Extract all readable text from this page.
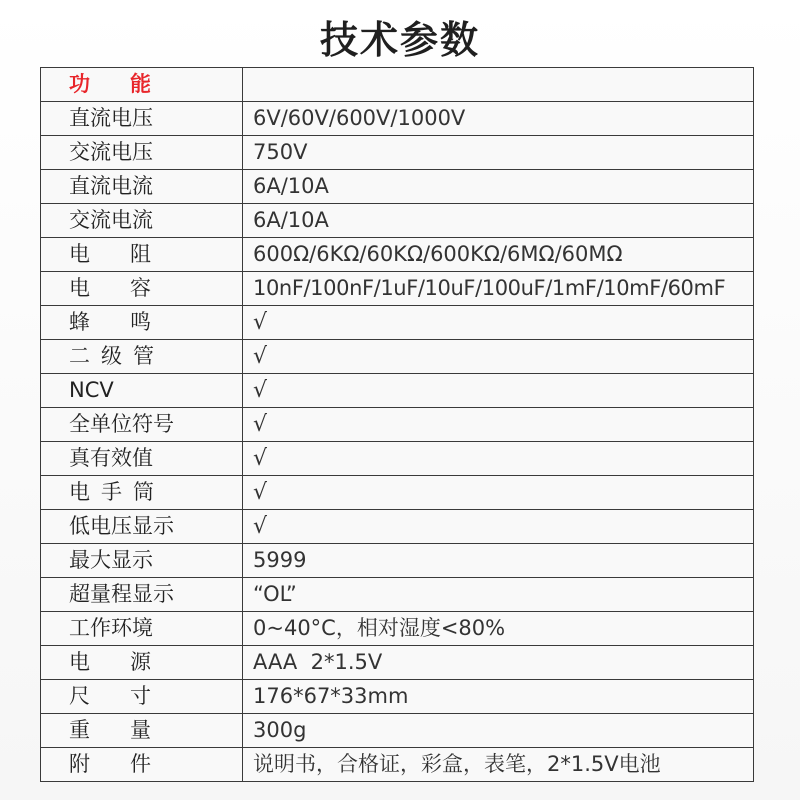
技术参数
功能	
直流电压	6V/60V/600V/1000V
交流电压	750V
直流电流	6A/10A
交流电流	6A/10A
电阻	600Ω/6KΩ/60KΩ/600KΩ/6MΩ/60MΩ
电容	10nF/100nF/1uF/10uF/100uF/1mF/10mF/60mF
蜂鸣	√
二级管	√
NCV	√
全单位符号	√
真有效值	√
电手筒	√
低电压显示	√
最大显示	5999
超量程显示	“OL”
工作环境	0~40°C，相对湿度<80%
电源	AAA  2*1.5V
尺寸	176*67*33mm
重量	300g
附件	说明书，合格证，彩盒，表笔，2*1.5V电池
